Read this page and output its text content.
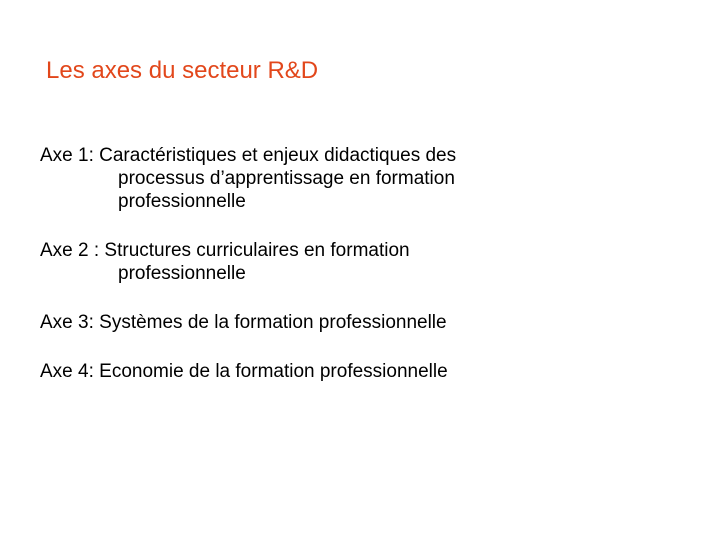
Les axes du secteur R&D
Axe 1: Caractéristiques et enjeux didactiques des
processus d’apprentissage en formation
professionnelle
Axe 2 : Structures curriculaires en formation
professionnelle
Axe 3: Systèmes de la formation professionnelle
Axe 4: Economie de la formation professionnelle
